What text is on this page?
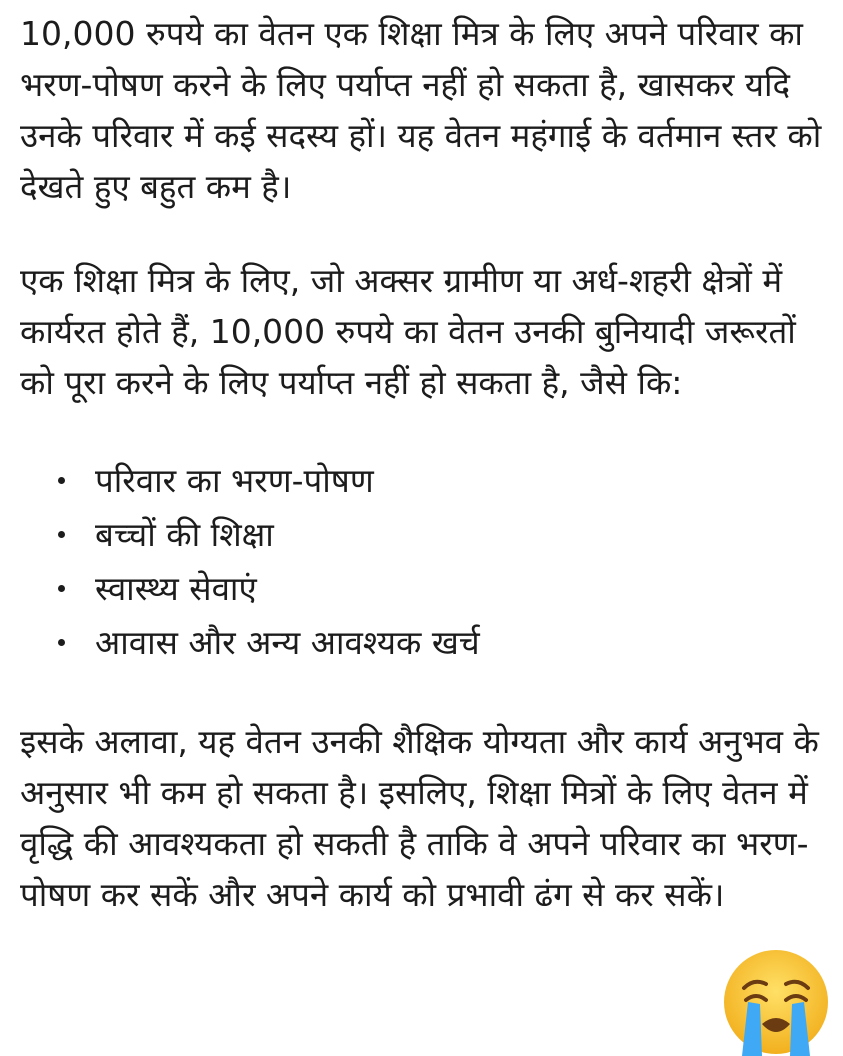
10,000 रुपये का वेतन एक शिक्षा मित्र के लिए अपने परिवार का भरण-पोषण करने के लिए पर्याप्त नहीं हो सकता है, खासकर यदि उनके परिवार में कई सदस्य हों। यह वेतन महंगाई के वर्तमान स्तर को देखते हुए बहुत कम है।

एक शिक्षा मित्र के लिए, जो अक्सर ग्रामीण या अर्ध-शहरी क्षेत्रों में कार्यरत होते हैं, 10,000 रुपये का वेतन उनकी बुनियादी जरूरतों को पूरा करने के लिए पर्याप्त नहीं हो सकता है, जैसे कि:

परिवार का भरण-पोषण
बच्चों की शिक्षा
स्वास्थ्य सेवाएं
आवास और अन्य आवश्यक खर्च

इसके अलावा, यह वेतन उनकी शैक्षिक योग्यता और कार्य अनुभव के अनुसार भी कम हो सकता है। इसलिए, शिक्षा मित्रों के लिए वेतन में वृद्धि की आवश्यकता हो सकती है ताकि वे अपने परिवार का भरण-पोषण कर सकें और अपने कार्य को प्रभावी ढंग से कर सकें।
